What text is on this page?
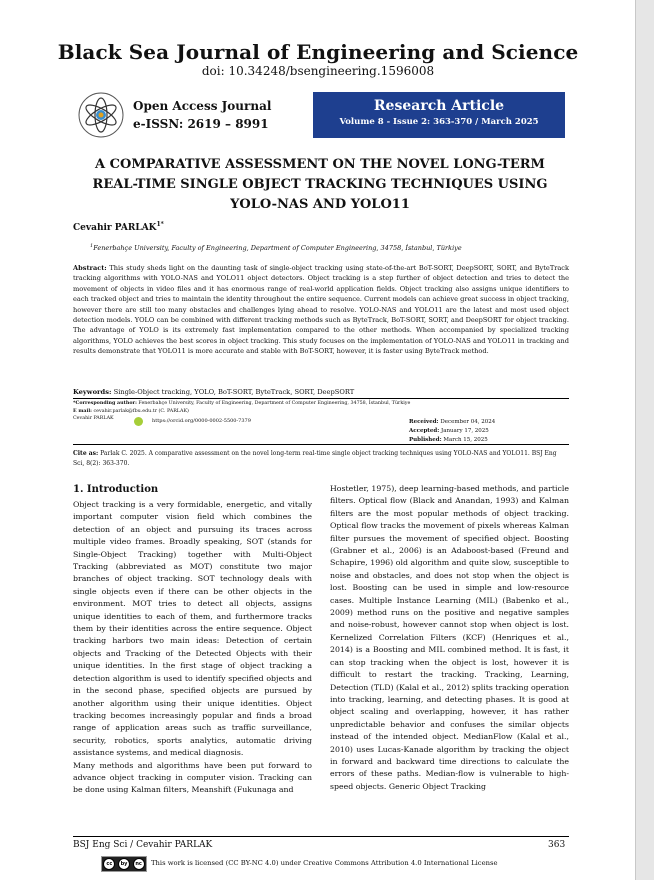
Black Sea Journal of Engineering and Science
doi: 10.34248/bsengineering.1596008
Open Access Journal
e-ISSN: 2619 – 8991
Research Article
Volume 8 - Issue 2: 363-370 / March 2025
A COMPARATIVE ASSESSMENT ON THE NOVEL LONG-TERM
REAL-TIME SINGLE OBJECT TRACKING TECHNIQUES USING
YOLO-NAS AND YOLO11
Cevahir $PARLAK^{1*}$
$^1$Fenerbahçe University, Faculty of Engineering, Department of Computer Engineering, 34758, İstanbul, Türkiye
Abstract: This study sheds light on the daunting task of single-object tracking using state-of-the-art BoT-SORT, DeepSORT, SORT, and ByteTrack tracking algorithms with YOLO-NAS and YOLO11 object detectors. Object tracking is a step further of object detection and tries to detect the movement of objects in video files and it has enormous range of real-world application fields. Object tracking also assigns unique identifiers to each tracked object and tries to maintain the identity throughout the entire sequence. Current models can achieve great success in object tracking, however there are still too many obstacles and challenges lying ahead to resolve. YOLO-NAS and YOLO11 are the latest and most used object detection models. YOLO can be combined with different tracking methods such as ByteTrack, BoT-SORT, SORT, and DeepSORT for object tracking. The advantage of YOLO is its extremely fast implementation compared to the other methods. When accompanied by specialized tracking algorithms, YOLO achieves the best scores in object tracking. This study focuses on the implementation of YOLO-NAS and YOLO11 in tracking and results demonstrate that YOLO11 is more accurate and stable with BoT-SORT, however, it is faster using ByteTrack method.
Keywords: Single-Object tracking, YOLO, BoT-SORT, ByteTrack, SORT, DeepSORT
*Corresponding author: Fenerbahçe University, Faculty of Engineering, Department of Computer Engineering, 34758, İstanbul, Türkiye
E mail: cevahir.parlak@fbu.edu.tr (C. PARLAK)
Cevahir PARLAK	https://orcid.org/0000-0002-5500-7379	Received: December 04, 2024
Accepted: January 17, 2025
Published: March 15, 2025
Cite as: Parlak C. 2025. A comparative assessment on the novel long-term real-time single object tracking techniques using YOLO-NAS and YOLO11. BSJ Eng Sci, 8(2): 363-370.
1. Introduction

Object tracking is a very formidable, energetic, and vitally important computer vision field which combines the detection of an object and pursuing its traces across multiple video frames. Broadly speaking, SOT (stands for Single-Object Tracking) together with Multi-Object Tracking (abbreviated as MOT) constitute two major branches of object tracking. SOT technology deals with single objects even if there can be other objects in the environment. MOT tries to detect all objects, assigns unique identities to each of them, and furthermore tracks them by their identities across the entire sequence. Object tracking harbors two main ideas: Detection of certain objects and Tracking of the Detected Objects with their unique identities. In the first stage of object tracking a detection algorithm is used to identify specified objects and in the second phase, specified objects are pursued by another algorithm using their unique identities. Object tracking becomes increasingly popular and finds a broad range of application areas such as traffic surveillance, security, robotics, sports analytics, automatic driving assistance systems, and medical diagnosis.

Many methods and algorithms have been put forward to advance object tracking in computer vision. Tracking can be done using Kalman filters, Meanshift (Fukunaga and

Hostetler, 1975), deep learning-based methods, and particle filters. Optical flow (Black and Anandan, 1993) and Kalman filters are the most popular methods of object tracking. Optical flow tracks the movement of pixels whereas Kalman filter pursues the movement of specified object. Boosting (Grabner et al., 2006) is an Adaboost-based (Freund and Schapire, 1996) old algorithm and quite slow, susceptible to noise and obstacles, and does not stop when the object is lost. Boosting can be used in simple and low-resource cases. Multiple Instance Learning (MIL) (Babenko et al., 2009) method runs on the positive and negative samples and noise-robust, however cannot stop when object is lost. Kernelized Correlation Filters (KCF) (Henriques et al., 2014) is a Boosting and MIL combined method. It is fast, it can stop tracking when the object is lost, however it is difficult to restart the tracking. Tracking, Learning, Detection (TLD) (Kalal et al., 2012) splits tracking operation into tracking, learning, and detecting phases. It is good at object scaling and overlapping, however, it has rather unpredictable behavior and confuses the similar objects instead of the intended object. MedianFlow (Kalal et al., 2010) uses Lucas-Kanade algorithm by tracking the object in forward and backward time directions to calculate the errors of these paths. Median-flow is vulnerable to high-speed objects. Generic Object Tracking

BSJ Eng Sci / Cevahir PARLAK	363
cc	by	nc	This work is licensed (CC BY-NC 4.0) under Creative Commons Attribution 4.0 International License
